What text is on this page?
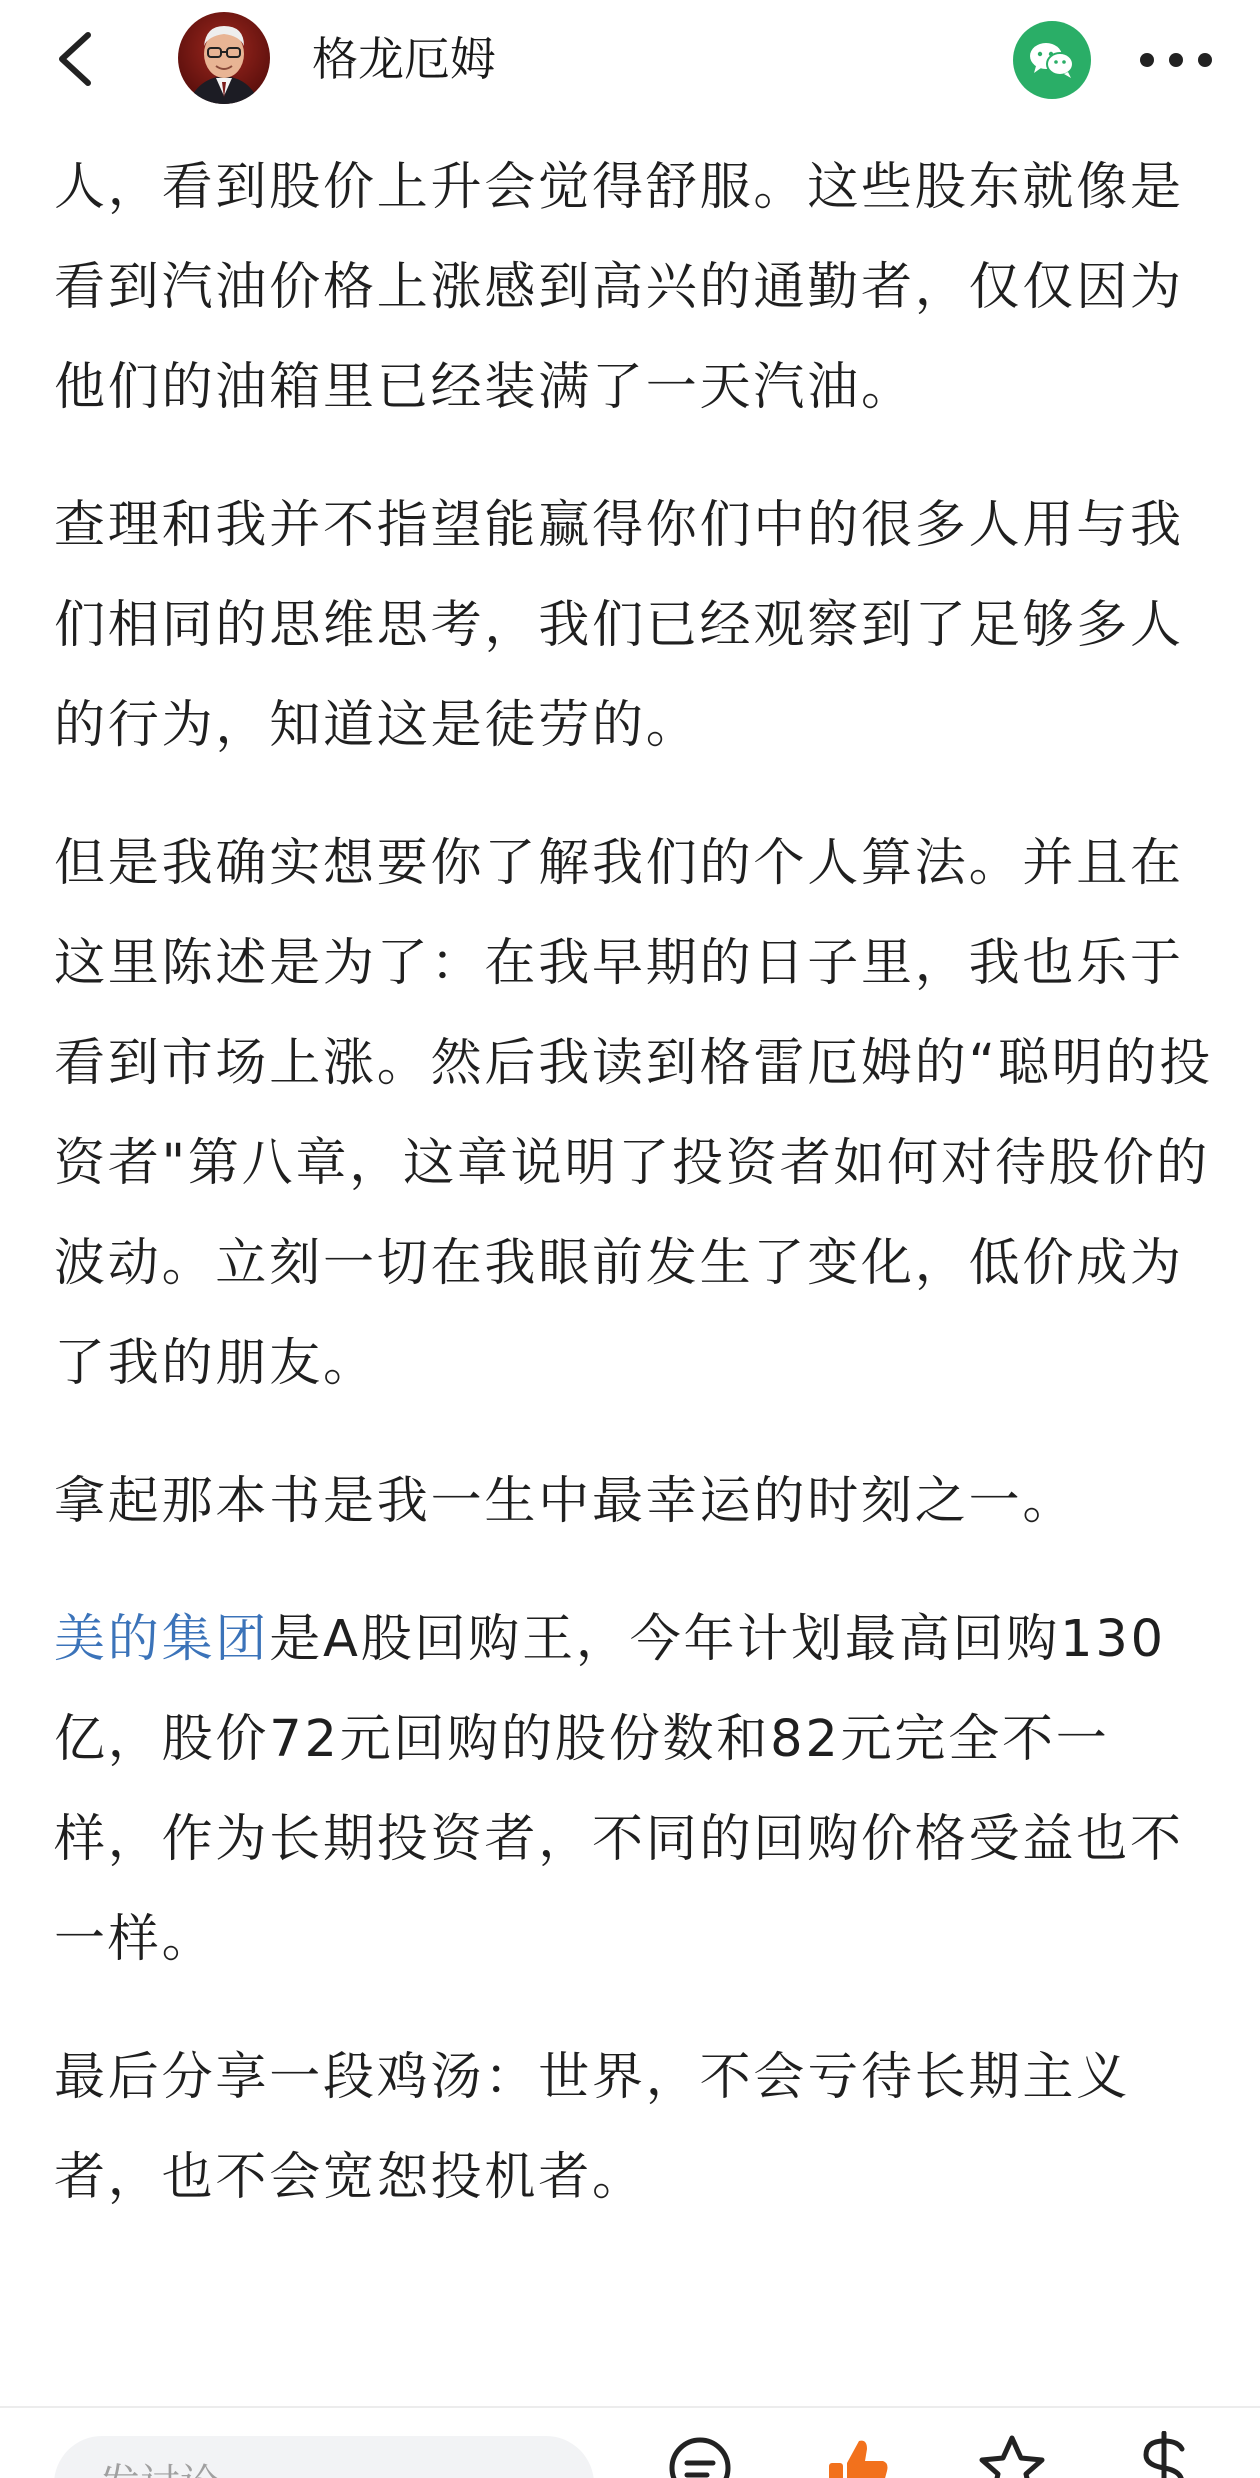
格龙厄姆

人，看到股价上升会觉得舒服。这些股东就像是看到汽油价格上涨感到高兴的通勤者，仅仅因为他们的油箱里已经装满了一天汽油。

查理和我并不指望能赢得你们中的很多人用与我们相同的思维思考，我们已经观察到了足够多人的行为，知道这是徒劳的。

但是我确实想要你了解我们的个人算法。并且在这里陈述是为了：在我早期的日子里，我也乐于看到市场上涨。然后我读到格雷厄姆的“聪明的投资者"第八章，这章说明了投资者如何对待股价的波动。立刻一切在我眼前发生了变化，低价成为了我的朋友。

拿起那本书是我一生中最幸运的时刻之一。

美的集团是A股回购王，今年计划最高回购130亿，股价72元回购的股份数和82元完全不一样，作为长期投资者，不同的回购价格受益也不一样。

最后分享一段鸡汤：世界，不会亏待长期主义者，也不会宽恕投机者。

发讨论
